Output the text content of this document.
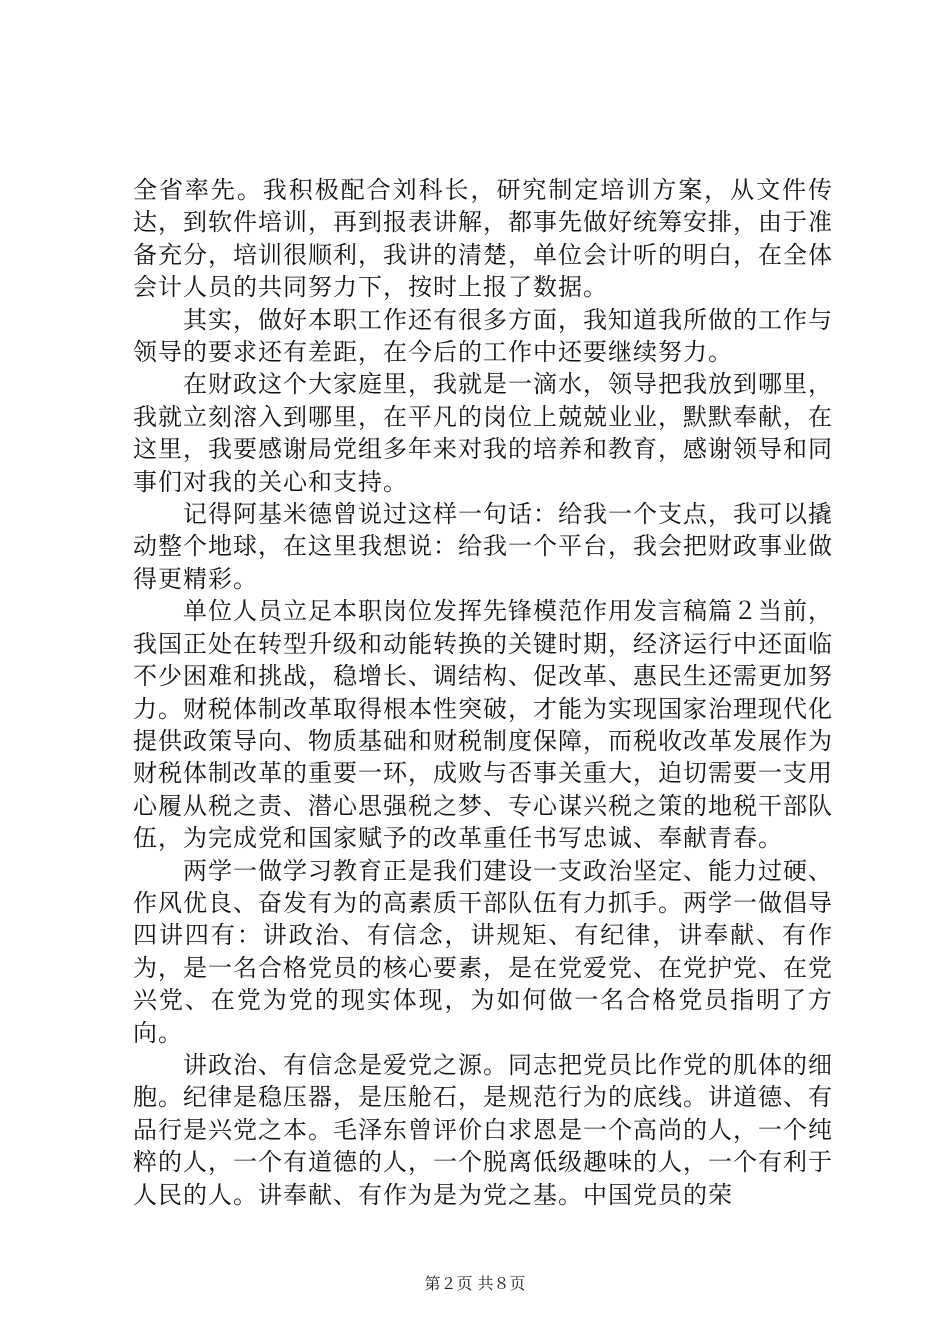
全省率先。我积极配合刘科长，研究制定培训方案，从文件传达，到软件培训，再到报表讲解，都事先做好统筹安排，由于准备充分，培训很顺利，我讲的清楚，单位会计听的明白，在全体会计人员的共同努力下，按时上报了数据。

其实，做好本职工作还有很多方面，我知道我所做的工作与领导的要求还有差距，在今后的工作中还要继续努力。

在财政这个大家庭里，我就是一滴水，领导把我放到哪里，我就立刻溶入到哪里，在平凡的岗位上兢兢业业，默默奉献，在这里，我要感谢局党组多年来对我的培养和教育，感谢领导和同事们对我的关心和支持。

记得阿基米德曾说过这样一句话：给我一个支点，我可以撬动整个地球，在这里我想说：给我一个平台，我会把财政事业做得更精彩。

单位人员立足本职岗位发挥先锋模范作用发言稿篇２当前，我国正处在转型升级和动能转换的关键时期，经济运行中还面临不少困难和挑战，稳增长、调结构、促改革、惠民生还需更加努力。财税体制改革取得根本性突破，才能为实现国家治理现代化提供政策导向、物质基础和财税制度保障，而税收改革发展作为财税体制改革的重要一环，成败与否事关重大，迫切需要一支用心履从税之责、潜心思强税之梦、专心谋兴税之策的地税干部队伍，为完成党和国家赋予的改革重任书写忠诚、奉献青春。

两学一做学习教育正是我们建设一支政治坚定、能力过硬、作风优良、奋发有为的高素质干部队伍有力抓手。两学一做倡导四讲四有：讲政治、有信念，讲规矩、有纪律，讲奉献、有作为，是一名合格党员的核心要素，是在党爱党、在党护党、在党兴党、在党为党的现实体现，为如何做一名合格党员指明了方向。

讲政治、有信念是爱党之源。同志把党员比作党的肌体的细胞。纪律是稳压器，是压舱石，是规范行为的底线。讲道德、有品行是兴党之本。毛泽东曾评价白求恩是一个高尚的人，一个纯粹的人，一个有道德的人，一个脱离低级趣味的人，一个有利于人民的人。讲奉献、有作为是为党之基。中国党员的荣

第２页 共８页
